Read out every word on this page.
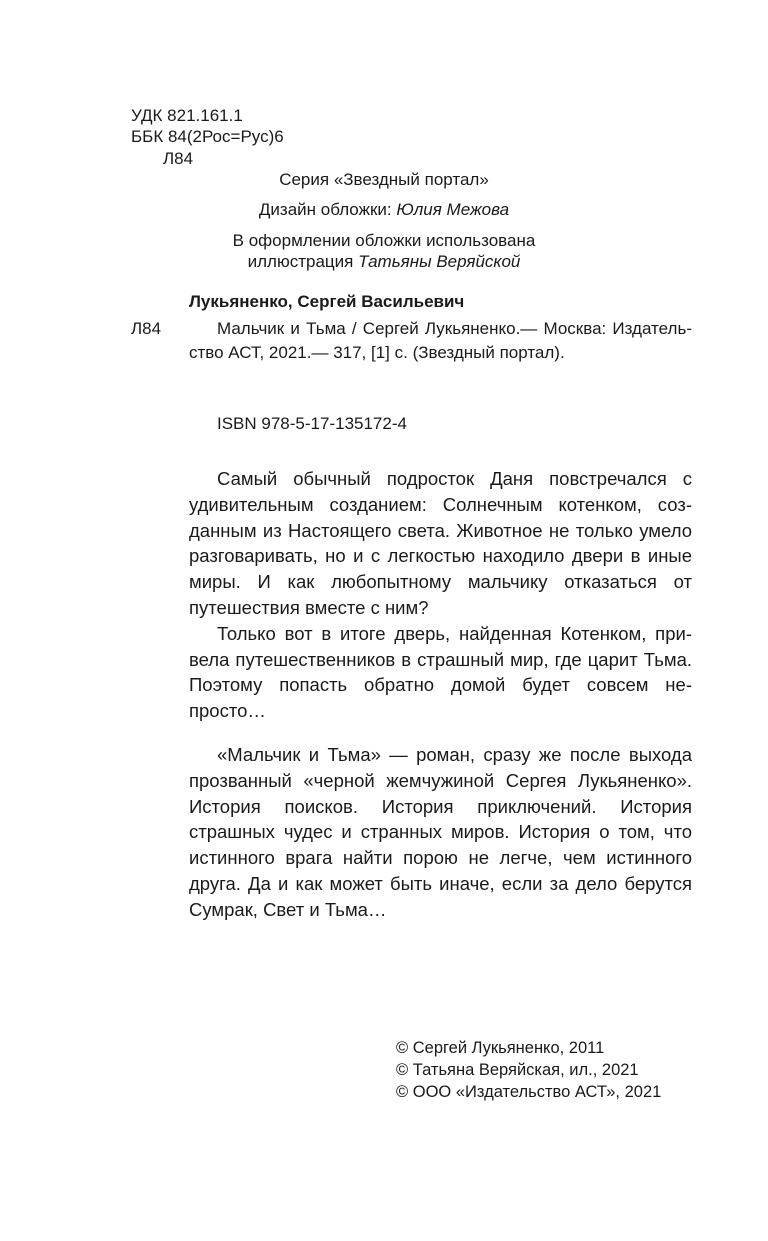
УДК 821.161.1
ББК 84(2Рос=Рус)6
Л84
Серия «Звездный портал»
Дизайн обложки: Юлия Межова
В оформлении обложки использована
иллюстрация Татьяны Веряйской
Лукьяненко, Сергей Васильевич
Л84	Мальчик и Тьма / Сергей Лукьяненко.— Москва: Издательство АСТ, 2021.— 317, [1] с. (Звездный портал).
ISBN 978-5-17-135172-4

Самый обычный подросток Даня повстречался с удивительным созданием: Солнечным котенком, созданным из Настоящего света. Животное не только умело разговаривать, но и с легкостью находило двери в иные миры. И как любопытному мальчику отказаться от путешествия вместе с ним?

Только вот в итоге дверь, найденная Котенком, привела путешественников в страшный мир, где царит Тьма. Поэтому попасть обратно домой будет совсем непросто…

«Мальчик и Тьма» — роман, сразу же после выхода прозванный «черной жемчужиной Сергея Лукьяненко». История поисков. История приключений. История страшных чудес и странных миров. История о том, что истинного врага найти порою не легче, чем истинного друга. Да и как может быть иначе, если за дело берутся Сумрак, Свет и Тьма…

© Сергей Лукьяненко, 2011
© Татьяна Веряйская, ил., 2021
© ООО «Издательство АСТ», 2021
